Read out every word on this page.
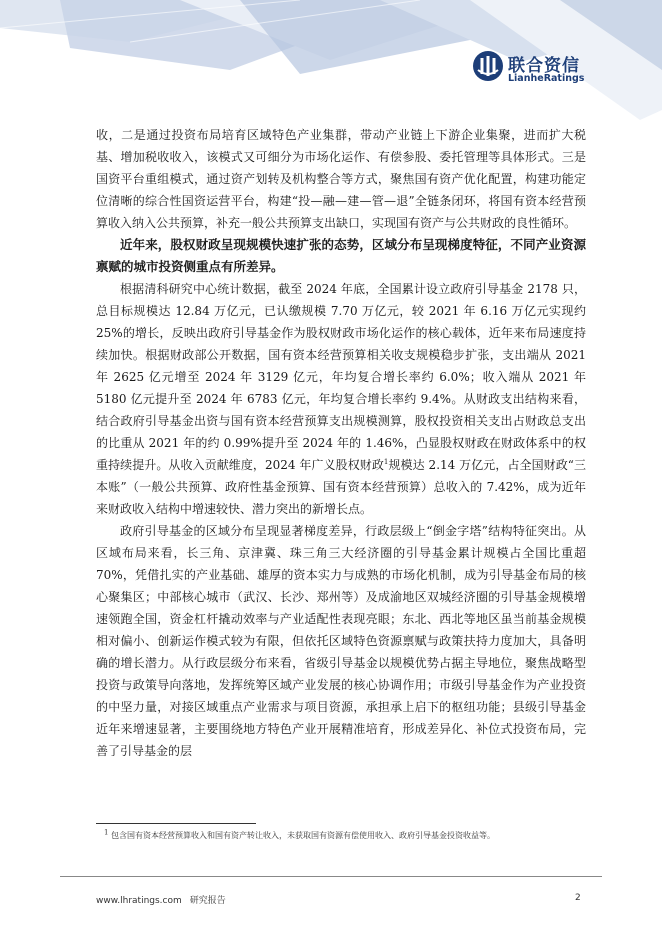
联合资信
LianheRatings

收，二是通过投资布局培育区域特色产业集群，带动产业链上下游企业集聚，进而扩大税基、增加税收收入，该模式又可细分为市场化运作、有偿参股、委托管理等具体形式。三是国资平台重组模式，通过资产划转及机构整合等方式，聚焦国有资产优化配置，构建功能定位清晰的综合性国资运营平台，构建“投—融—建—管—退”全链条闭环，将国有资本经营预算收入纳入公共预算，补充一般公共预算支出缺口，实现国有资产与公共财政的良性循环。

近年来，股权财政呈现规模快速扩张的态势，区域分布呈现梯度特征，不同产业资源禀赋的城市投资侧重点有所差异。

根据清科研究中心统计数据，截至 2024 年底，全国累计设立政府引导基金 2178 只，总目标规模达 12.84 万亿元，已认缴规模 7.70 万亿元，较 2021 年 6.16 万亿元实现约 25%的增长，反映出政府引导基金作为股权财政市场化运作的核心载体，近年来布局速度持续加快。根据财政部公开数据，国有资本经营预算相关收支规模稳步扩张，支出端从 2021 年 2625 亿元增至 2024 年 3129 亿元，年均复合增长率约 6.0%；收入端从 2021 年 5180 亿元提升至 2024 年 6783 亿元，年均复合增长率约 9.4%。从财政支出结构来看，结合政府引导基金出资与国有资本经营预算支出规模测算，股权投资相关支出占财政总支出的比重从 2021 年的约 0.99%提升至 2024 年的 1.46%，凸显股权财政在财政体系中的权重持续提升。从收入贡献维度，2024 年广义股权财政$^1$规模达 2.14 万亿元，占全国财政“三本账”（一般公共预算、政府性基金预算、国有资本经营预算）总收入的 7.42%，成为近年来财政收入结构中增速较快、潜力突出的新增长点。

政府引导基金的区域分布呈现显著梯度差异，行政层级上“倒金字塔”结构特征突出。从区域布局来看，长三角、京津冀、珠三角三大经济圈的引导基金累计规模占全国比重超 70%，凭借扎实的产业基础、雄厚的资本实力与成熟的市场化机制，成为引导基金布局的核心聚集区；中部核心城市（武汉、长沙、郑州等）及成渝地区双城经济圈的引导基金规模增速领跑全国，资金杠杆撬动效率与产业适配性表现亮眼；东北、西北等地区虽当前基金规模相对偏小、创新运作模式较为有限，但依托区域特色资源禀赋与政策扶持力度加大，具备明确的增长潜力。从行政层级分布来看，省级引导基金以规模优势占据主导地位，聚焦战略型投资与政策导向落地，发挥统筹区域产业发展的核心协调作用；市级引导基金作为产业投资的中坚力量，对接区域重点产业需求与项目资源，承担承上启下的枢纽功能；县级引导基金近年来增速显著，主要围绕地方特色产业开展精准培育，形成差异化、补位式投资布局，完善了引导基金的层

$^1$ 包含国有资本经营预算收入和国有资产转让收入，未获取国有资源有偿使用收入、政府引导基金投资收益等。
www.lhratings.com 研究报告	2
